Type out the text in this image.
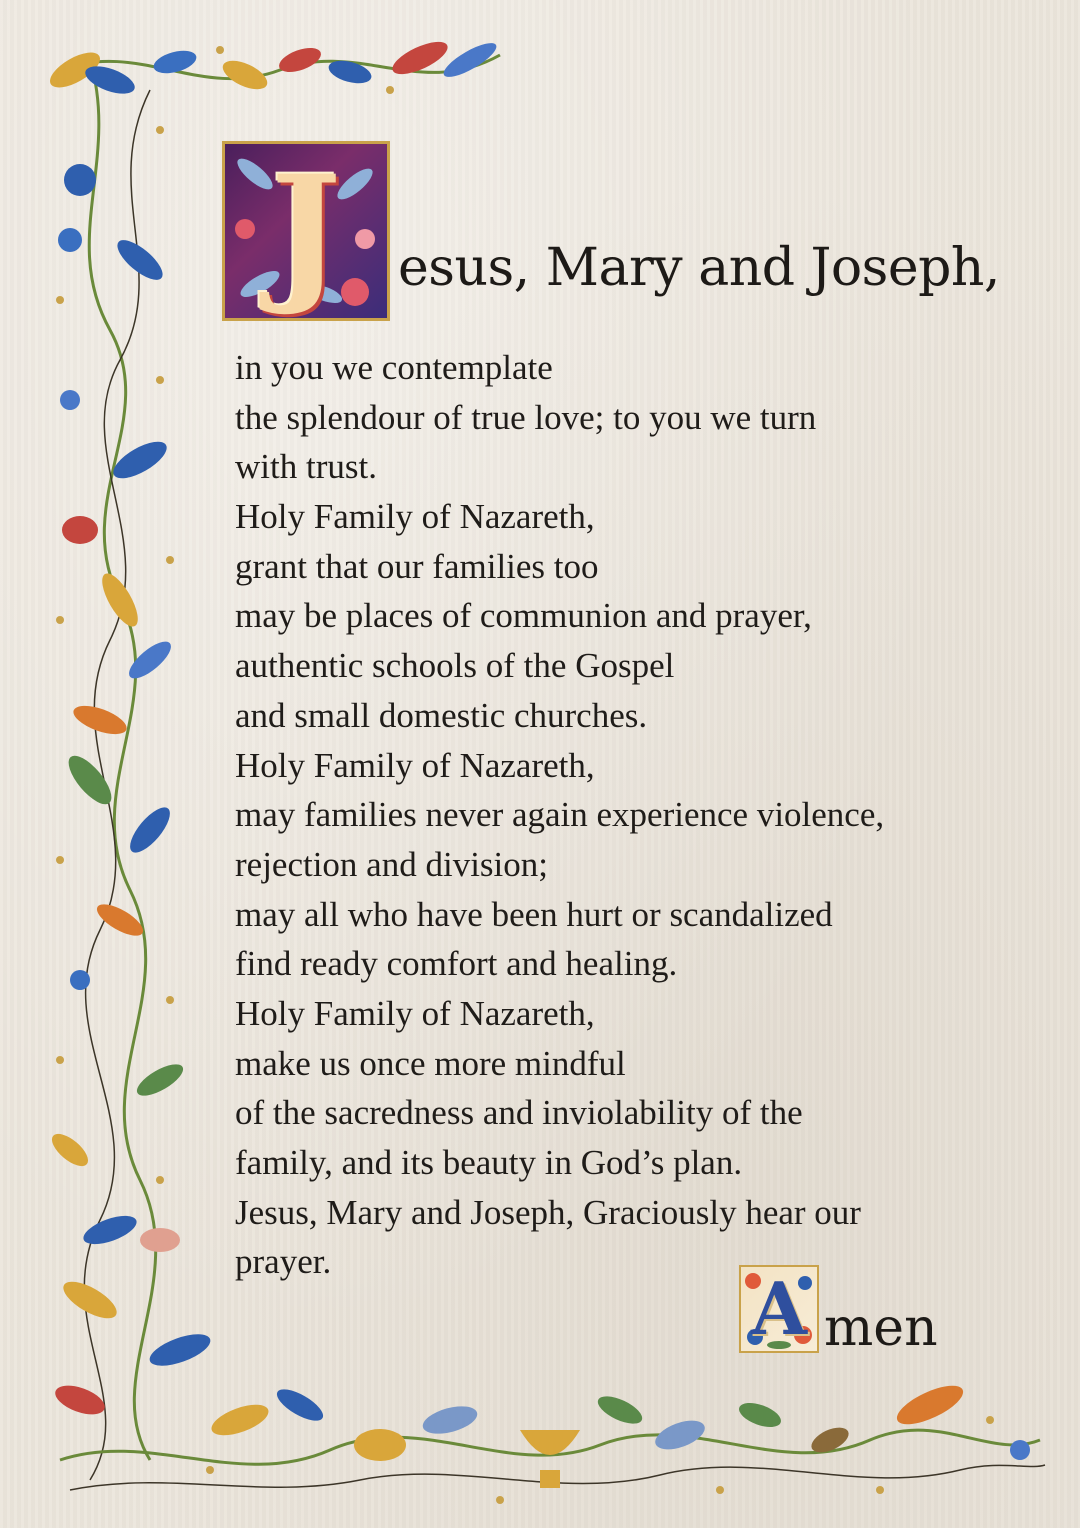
J	esus, Mary and Joseph,
in you we contemplate
the splendour of true love; to you we turn
with trust.
Holy Family of Nazareth,
grant that our families too
may be places of communion and prayer,
authentic schools of the Gospel
and small domestic churches.
Holy Family of Nazareth,
may families never again experience violence,
rejection and division;
may all who have been hurt or scandalized
find ready comfort and healing.
Holy Family of Nazareth,
make us once more mindful
of the sacredness and inviolability of the
family, and its beauty in God’s plan.
Jesus, Mary and Joseph, Graciously hear our
prayer.
A men
